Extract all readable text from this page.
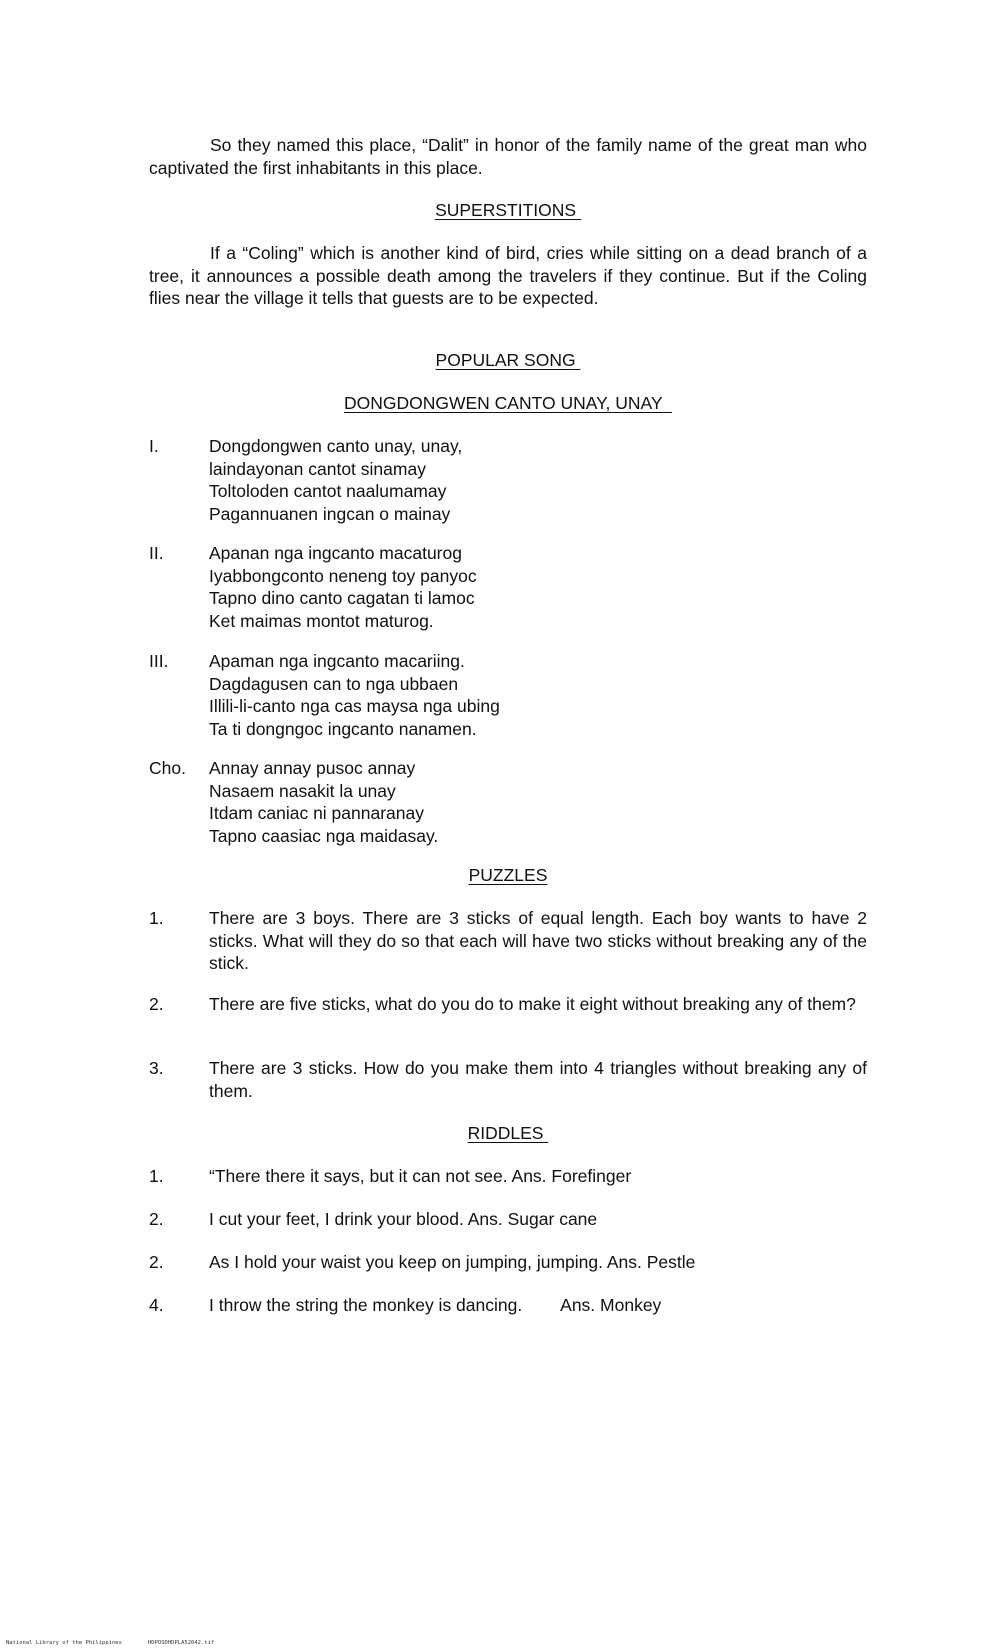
So they named this place, “Dalit” in honor of the family name of the great man who captivated the first inhabitants in this place.

SUPERSTITIONS

If a “Coling” which is another kind of bird, cries while sitting on a dead branch of a tree, it announces a possible death among the travelers if they continue. But if the Coling flies near the village it tells that guests are to be expected.

POPULAR SONG

DONGDONGWEN CANTO UNAY, UNAY

I.	Dongdongwen canto unay, unay,
laindayonan cantot sinamay
Toltoloden cantot naalumamay
Pagannuanen ingcan o mainay
II.	Apanan nga ingcanto macaturog
Iyabbongconto neneng toy panyoc
Tapno dino canto cagatan ti lamoc
Ket maimas montot maturog.
III. Apaman nga ingcanto macariing.
Dagdagusen can to nga ubbaen
Illili-li-canto nga cas maysa nga ubing
Ta ti dongngoc ingcanto nanamen.
Cho. Annay annay pusoc annay
Nasaem nasakit la unay
Itdam caniac ni pannaranay
Tapno caasiac nga maidasay.

PUZZLES

1.	There are 3 boys. There are 3 sticks of equal length. Each boy wants to have 2 sticks. What will they do so that each will have two sticks without breaking any of the stick.
2.	There are five sticks, what do you do to make it eight without breaking any of them?
3.	There are 3 sticks. How do you make them into 4 triangles without breaking any of them.

RIDDLES

1.	“There there it says, but it can not see. Ans. Forefinger
2.	I cut your feet, I drink your blood. Ans. Sugar cane
2.	As I hold your waist you keep on jumping, jumping. Ans. Pestle
4.	I throw the string the monkey is dancing.        Ans. Monkey
National Library of the Philippines	HDPOSDHDPLA52042.tif
